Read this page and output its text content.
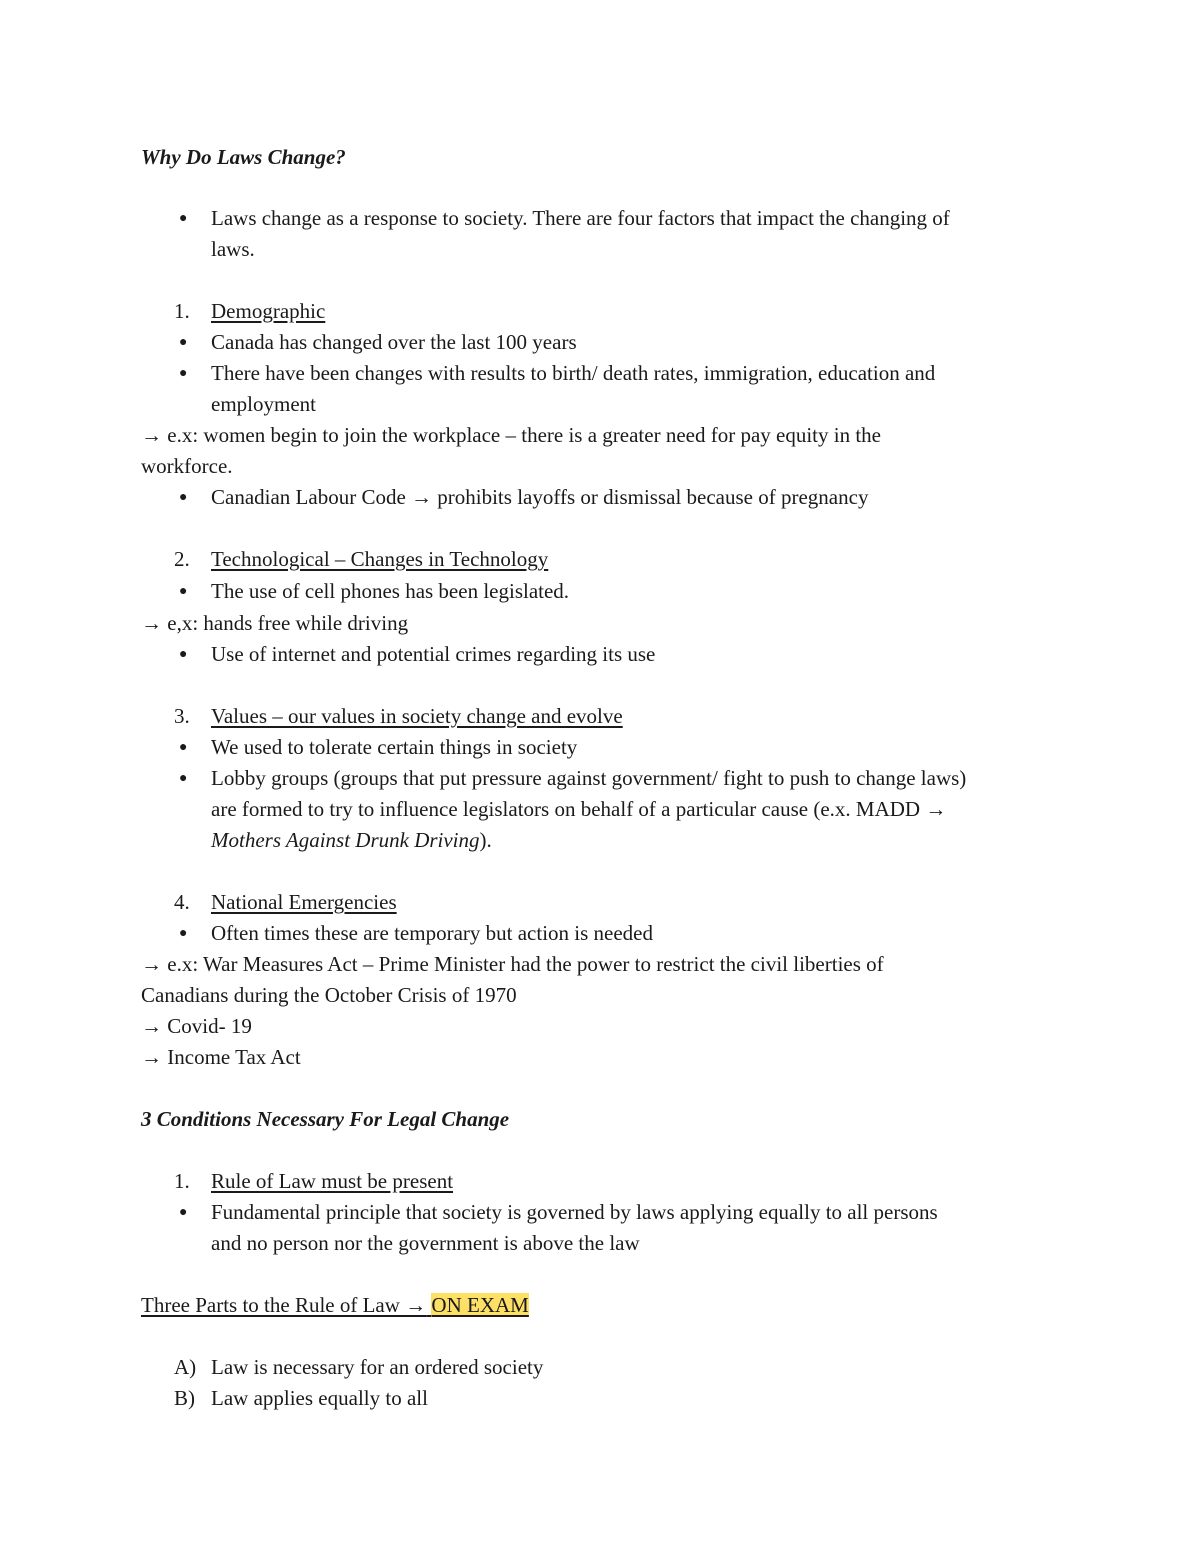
Why Do Laws Change?
● Laws change as a response to society. There are four factors that impact the changing of
laws.
1. Demographic
● Canada has changed over the last 100 years
● There have been changes with results to birth/ death rates, immigration, education and
employment
→ e.x: women begin to join the workplace – there is a greater need for pay equity in the
workforce.
● Canadian Labour Code → prohibits layoffs or dismissal because of pregnancy
2. Technological – Changes in Technology
● The use of cell phones has been legislated.
→ e,x: hands free while driving
● Use of internet and potential crimes regarding its use
3. Values – our values in society change and evolve
● We used to tolerate certain things in society
● Lobby groups (groups that put pressure against government/ fight to push to change laws)
are formed to try to influence legislators on behalf of a particular cause (e.x. MADD →
Mothers Against Drunk Driving).
4. National Emergencies
● Often times these are temporary but action is needed
→ e.x: War Measures Act – Prime Minister had the power to restrict the civil liberties of
Canadians during the October Crisis of 1970
→ Covid- 19
→ Income Tax Act
3 Conditions Necessary For Legal Change
1. Rule of Law must be present
● Fundamental principle that society is governed by laws applying equally to all persons
and no person nor the government is above the law
Three Parts to the Rule of Law → ON EXAM
A) Law is necessary for an ordered society
B) Law applies equally to all
